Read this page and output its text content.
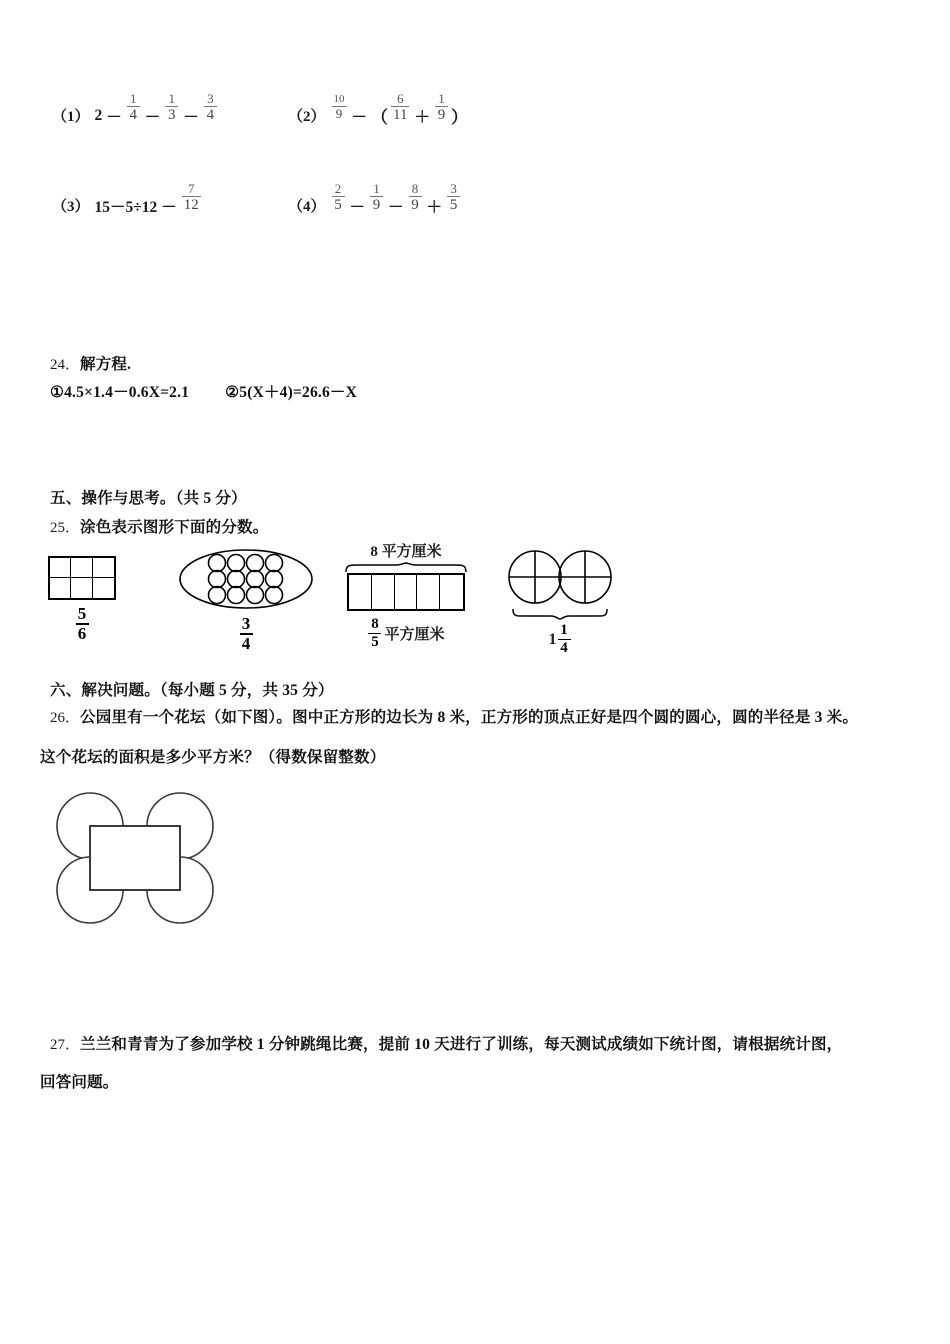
（1） $2 - \frac{1}{4} - \frac{1}{3} - \frac{3}{4}$	$(2) \frac{10}{9}$ － （ $\frac{6}{11} + \frac{1}{9}$ ）
（3） $15-5\div 12 - \frac{7}{12}$	$(4) \frac{2}{5} - \frac{1}{9} - \frac{8}{9} + \frac{3}{5}$
24．解方程.
①4.5×1.4－0.6X=2.1 ②5(X＋4)=26.6－X
五、操作与思考。（共 5 分）
25．涂色表示图形下面的分数。
$\frac{5}{6}$	$\frac{3}{4}$
8 平方厘米
$\frac{8}{5}$ 平方厘米	$1 \frac{1}{4}$
六、解决问题。（每小题 5 分，共 35 分）
26．公园里有一个花坛（如下图）。图中正方形的边长为 8 米，正方形的顶点正好是四个圆的圆心，圆的半径是 3 米。
这个花坛的面积是多少平方米？（得数保留整数）
27．兰兰和青青为了参加学校 1 分钟跳绳比赛，提前 10 天进行了训练，每天测试成绩如下统计图，请根据统计图，
回答问题。
